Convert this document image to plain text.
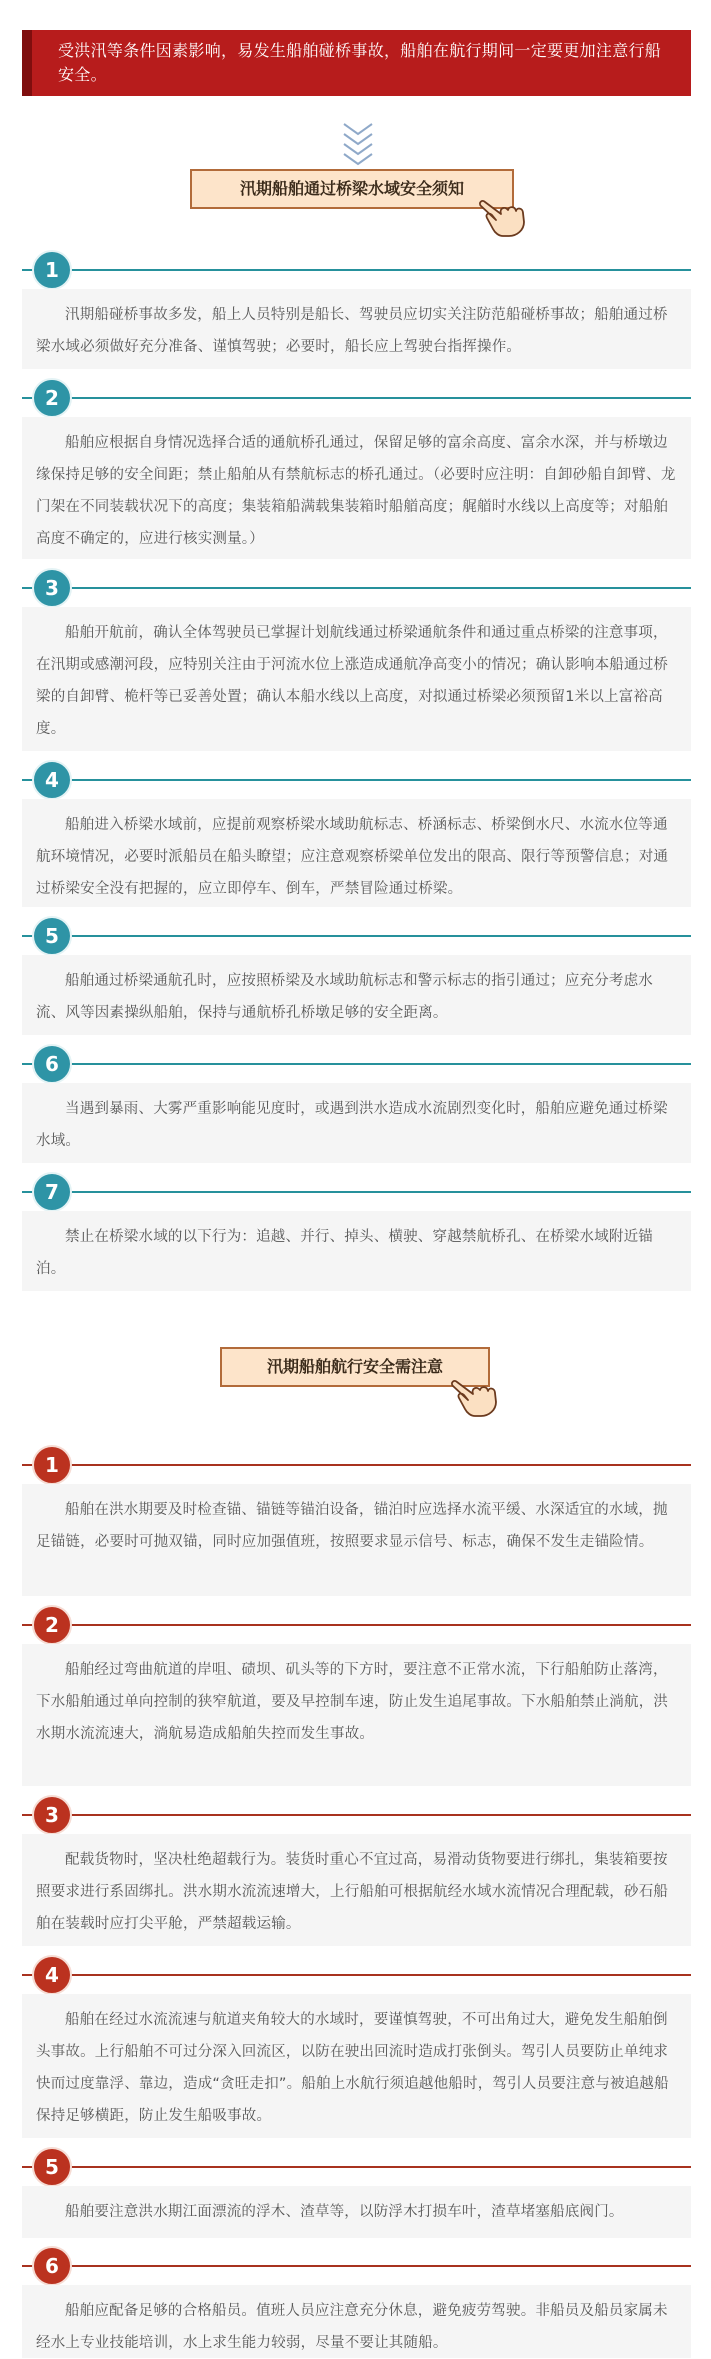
受洪汛等条件因素影响，易发生船舶碰桥事故，船舶在航行期间一定要更加注意行船安全。
汛期船舶通过桥梁水域安全须知
1
汛期船碰桥事故多发，船上人员特别是船长、驾驶员应切实关注防范船碰桥事故；船舶通过桥梁水域必须做好充分准备、谨慎驾驶；必要时，船长应上驾驶台指挥操作。
2
船舶应根据自身情况选择合适的通航桥孔通过，保留足够的富余高度、富余水深，并与桥墩边缘保持足够的安全间距；禁止船舶从有禁航标志的桥孔通过。（必要时应注明：自卸砂船自卸臂、龙门架在不同装载状况下的高度；集装箱船满载集装箱时船艏高度；艉艏时水线以上高度等；对船舶高度不确定的，应进行核实测量。）
3
船舶开航前，确认全体驾驶员已掌握计划航线通过桥梁通航条件和通过重点桥梁的注意事项，在汛期或感潮河段，应特别关注由于河流水位上涨造成通航净高变小的情况；确认影响本船通过桥梁的自卸臂、桅杆等已妥善处置；确认本船水线以上高度，对拟通过桥梁必须预留1米以上富裕高度。
4
船舶进入桥梁水域前，应提前观察桥梁水域助航标志、桥涵标志、桥梁倒水尺、水流水位等通航环境情况，必要时派船员在船头瞭望；应注意观察桥梁单位发出的限高、限行等预警信息；对通过桥梁安全没有把握的，应立即停车、倒车，严禁冒险通过桥梁。
5
船舶通过桥梁通航孔时，应按照桥梁及水域助航标志和警示标志的指引通过；应充分考虑水流、风等因素操纵船舶，保持与通航桥孔桥墩足够的安全距离。
6
当遇到暴雨、大雾严重影响能见度时，或遇到洪水造成水流剧烈变化时，船舶应避免通过桥梁水域。
7
禁止在桥梁水域的以下行为：追越、并行、掉头、横驶、穿越禁航桥孔、在桥梁水域附近锚泊。
汛期船舶航行安全需注意
1
船舶在洪水期要及时检查锚、锚链等锚泊设备，锚泊时应选择水流平缓、水深适宜的水域，抛足锚链，必要时可抛双锚，同时应加强值班，按照要求显示信号、标志，确保不发生走锚险情。
2
船舶经过弯曲航道的岸咀、碛坝、矶头等的下方时，要注意不正常水流，下行船舶防止落湾，下水船舶通过单向控制的狭窄航道，要及早控制车速，防止发生追尾事故。下水船舶禁止淌航，洪水期水流流速大，淌航易造成船舶失控而发生事故。
3
配载货物时，坚决杜绝超载行为。装货时重心不宜过高，易滑动货物要进行绑扎，集装箱要按照要求进行系固绑扎。洪水期水流流速增大，上行船舶可根据航经水域水流情况合理配载，砂石船舶在装载时应打尖平舱，严禁超载运输。
4
船舶在经过水流流速与航道夹角较大的水域时，要谨慎驾驶，不可出角过大，避免发生船舶倒头事故。上行船舶不可过分深入回流区，以防在驶出回流时造成打张倒头。驾引人员要防止单纯求快而过度靠浮、靠边，造成“贪旺走扣”。船舶上水航行须追越他船时，驾引人员要注意与被追越船保持足够横距，防止发生船吸事故。
5
船舶要注意洪水期江面漂流的浮木、渣草等，以防浮木打损车叶，渣草堵塞船底阀门。
6
船舶应配备足够的合格船员。值班人员应注意充分休息，避免疲劳驾驶。非船员及船员家属未经水上专业技能培训，水上求生能力较弱，尽量不要让其随船。
